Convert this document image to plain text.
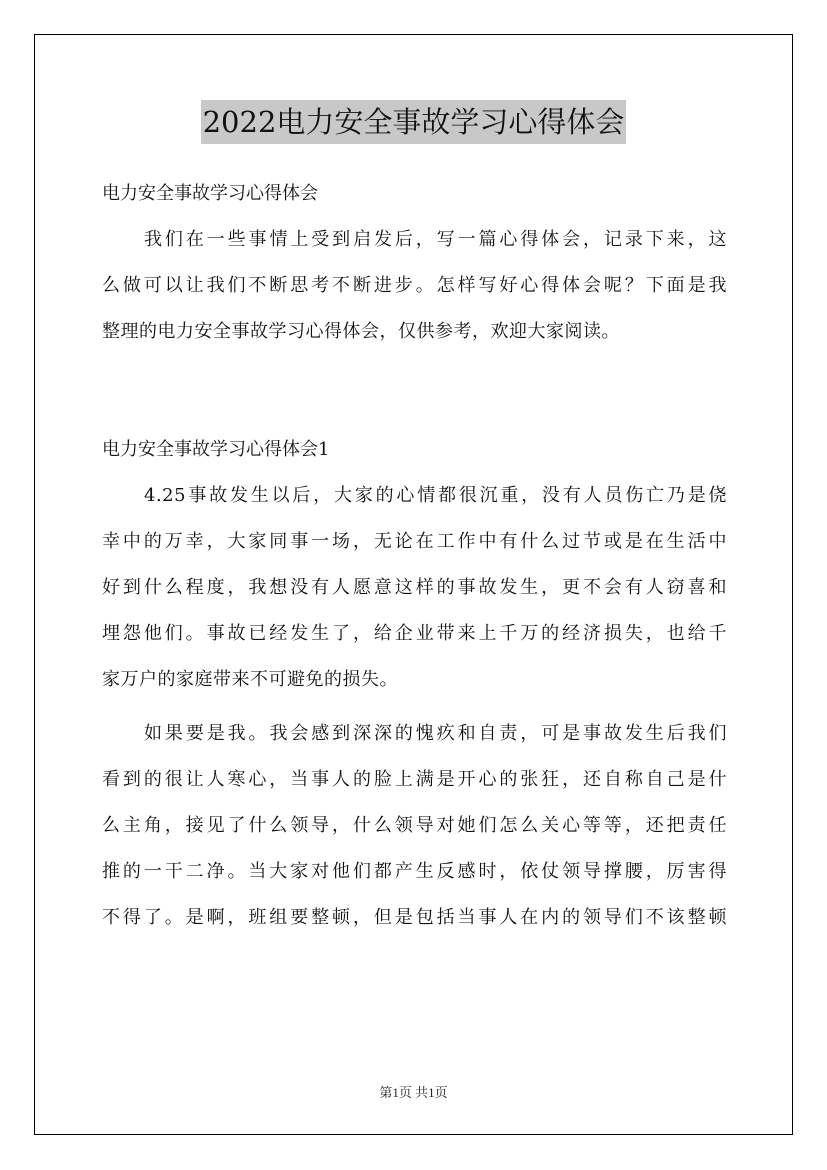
2022电力安全事故学习心得体会
电力安全事故学习心得体会
我们在一些事情上受到启发后，写一篇心得体会，记录下来，这
么做可以让我们不断思考不断进步。怎样写好心得体会呢？下面是我
整理的电力安全事故学习心得体会，仅供参考，欢迎大家阅读。
电力安全事故学习心得体会1
4.25事故发生以后，大家的心情都很沉重，没有人员伤亡乃是侥
幸中的万幸，大家同事一场，无论在工作中有什么过节或是在生活中
好到什么程度，我想没有人愿意这样的事故发生，更不会有人窃喜和
埋怨他们。事故已经发生了，给企业带来上千万的经济损失，也给千
家万户的家庭带来不可避免的损失。
如果要是我。我会感到深深的愧疚和自责，可是事故发生后我们
看到的很让人寒心，当事人的脸上满是开心的张狂，还自称自己是什
么主角，接见了什么领导，什么领导对她们怎么关心等等，还把责任
推的一干二净。当大家对他们都产生反感时，依仗领导撑腰，厉害得
不得了。是啊，班组要整顿，但是包括当事人在内的领导们不该整顿
第1页 共1页
